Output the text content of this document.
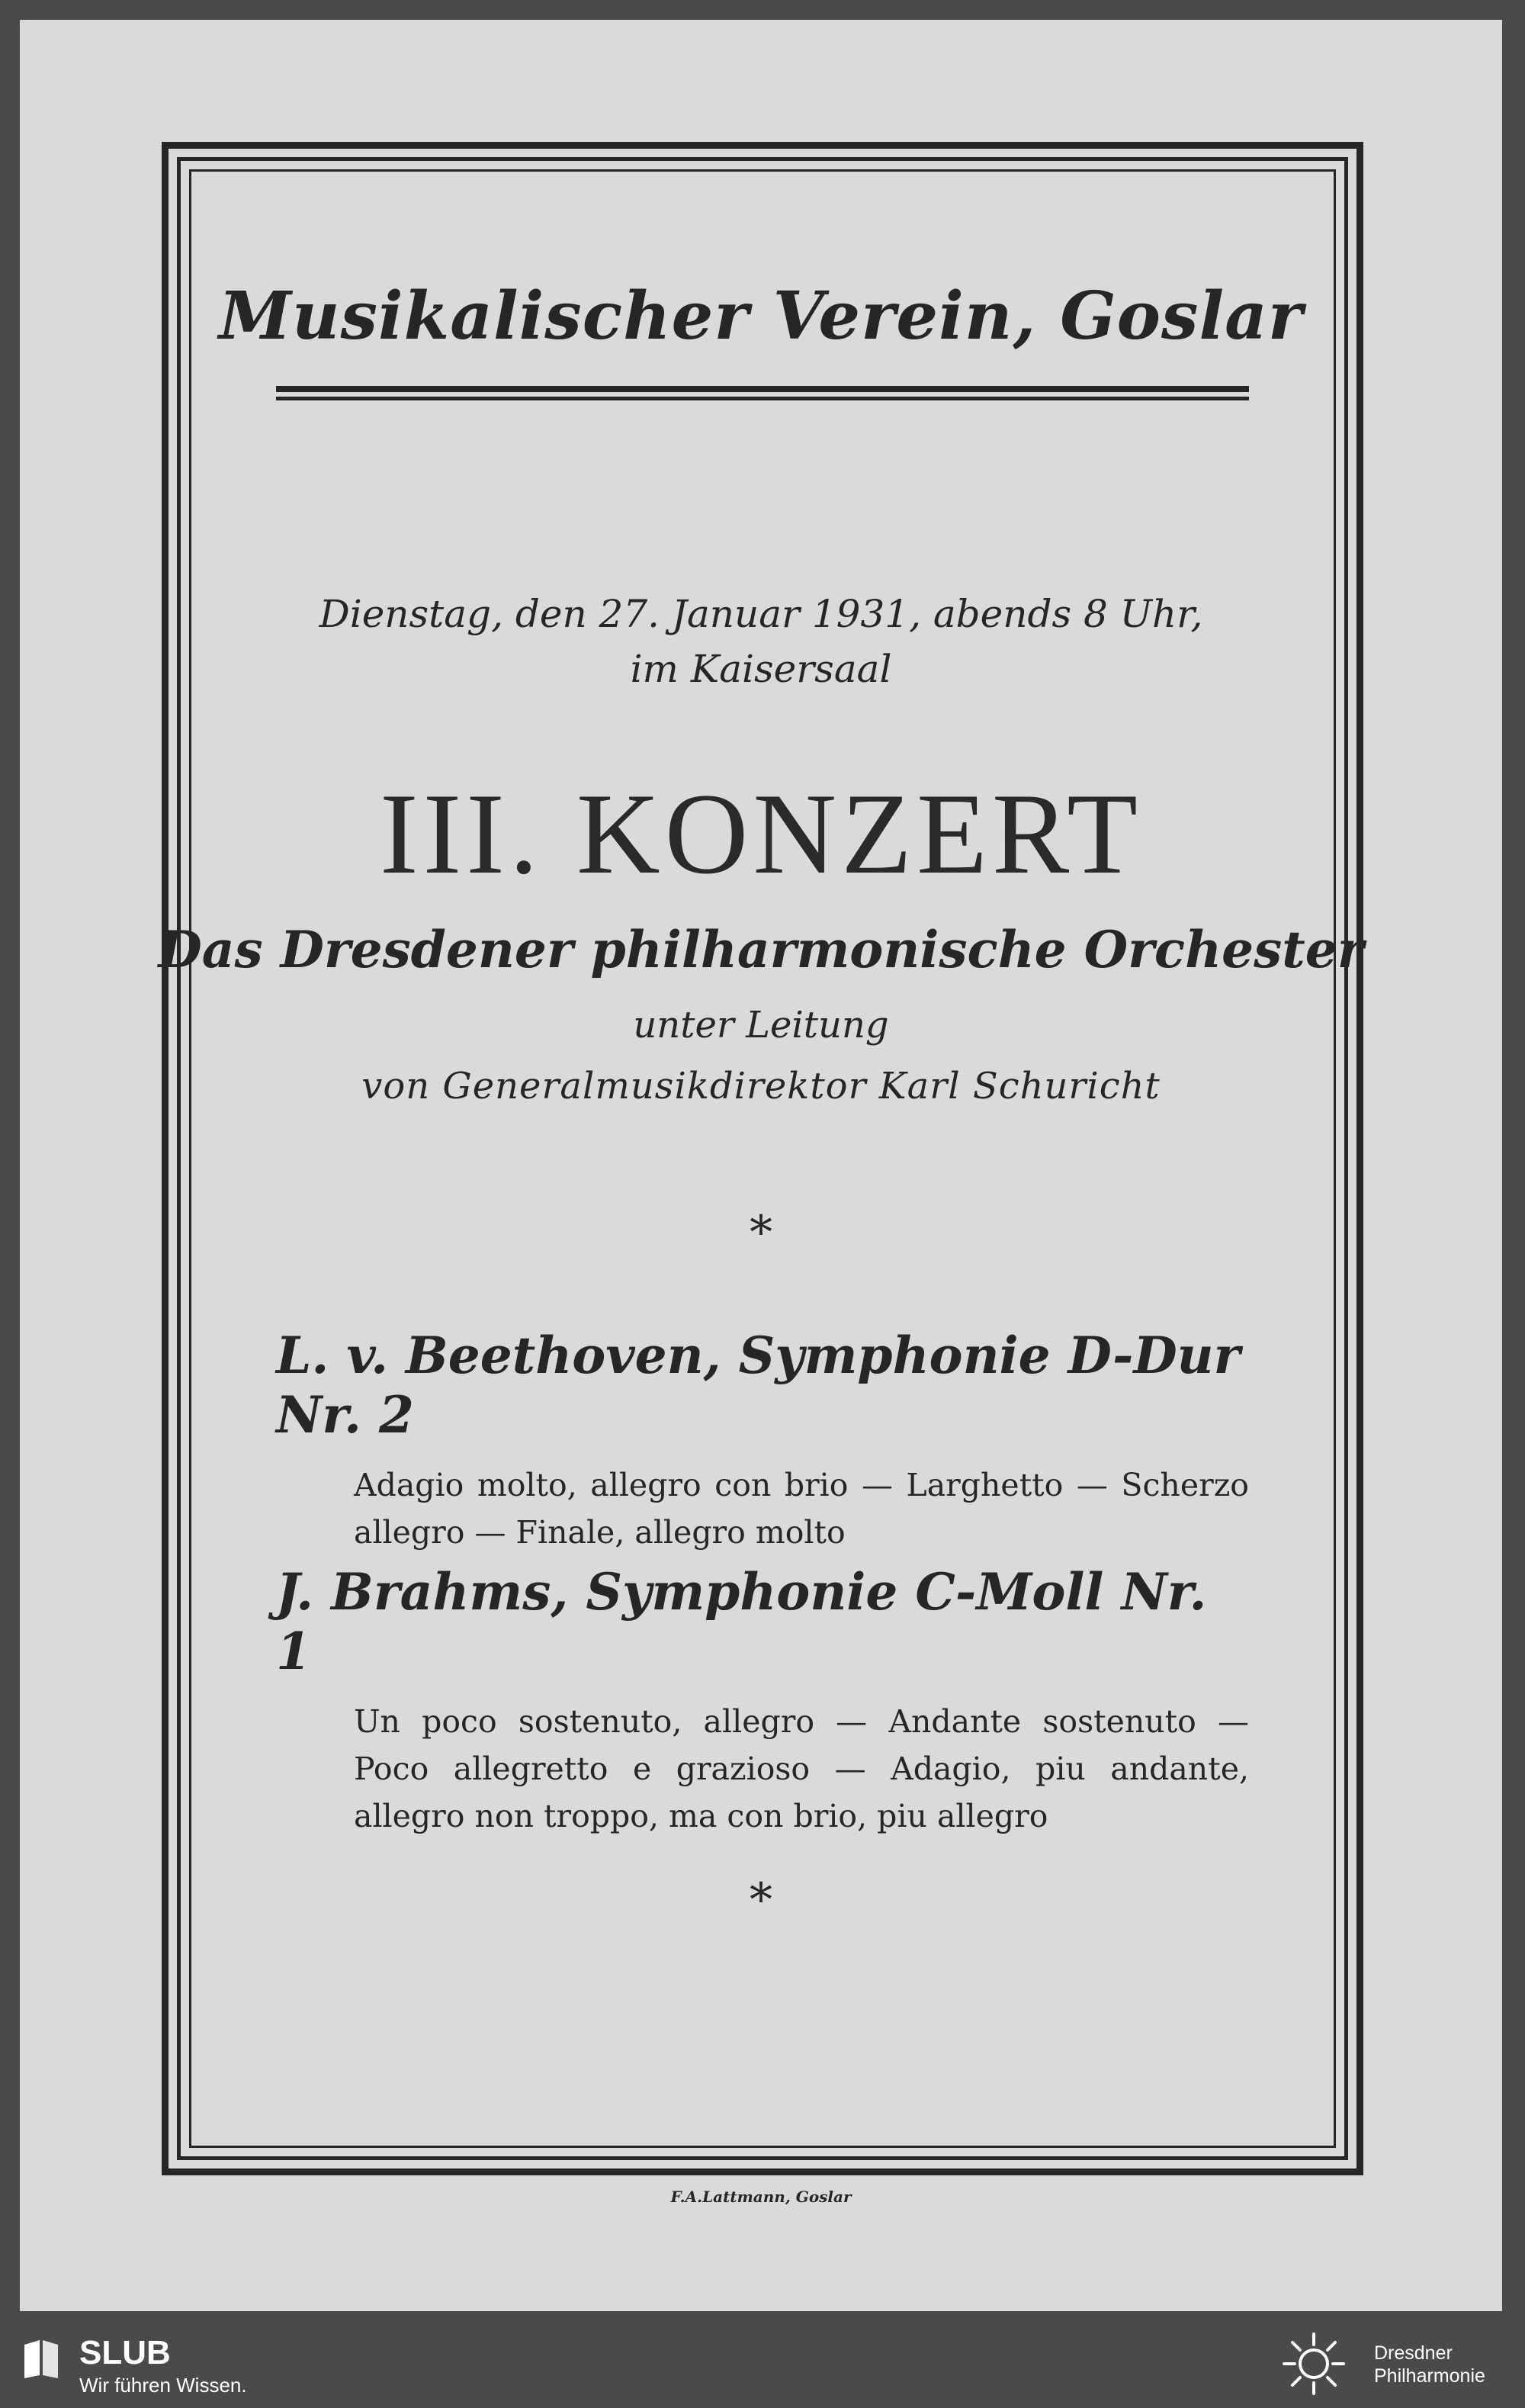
Musikalischer Verein, Goslar
Dienstag, den 27. Januar 1931, abends 8 Uhr,
im Kaisersaal
III. KONZERT
Das Dresdener philharmonische Orchester
unter Leitung
von Generalmusikdirektor Karl Schuricht
*
L. v. Beethoven, Symphonie D-Dur Nr. 2
Adagio molto, allegro con brio — Larghetto — Scherzo allegro — Finale, allegro molto
J. Brahms, Symphonie C-Moll Nr. 1
Un poco sostenuto, allegro — Andante sostenuto — Poco allegretto e grazioso — Adagio, piu andante, allegro non troppo, ma con brio, piu allegro
*
F.A.Lattmann, Goslar
SLUB
Wir führen Wissen.
Dresdner
Philharmonie
